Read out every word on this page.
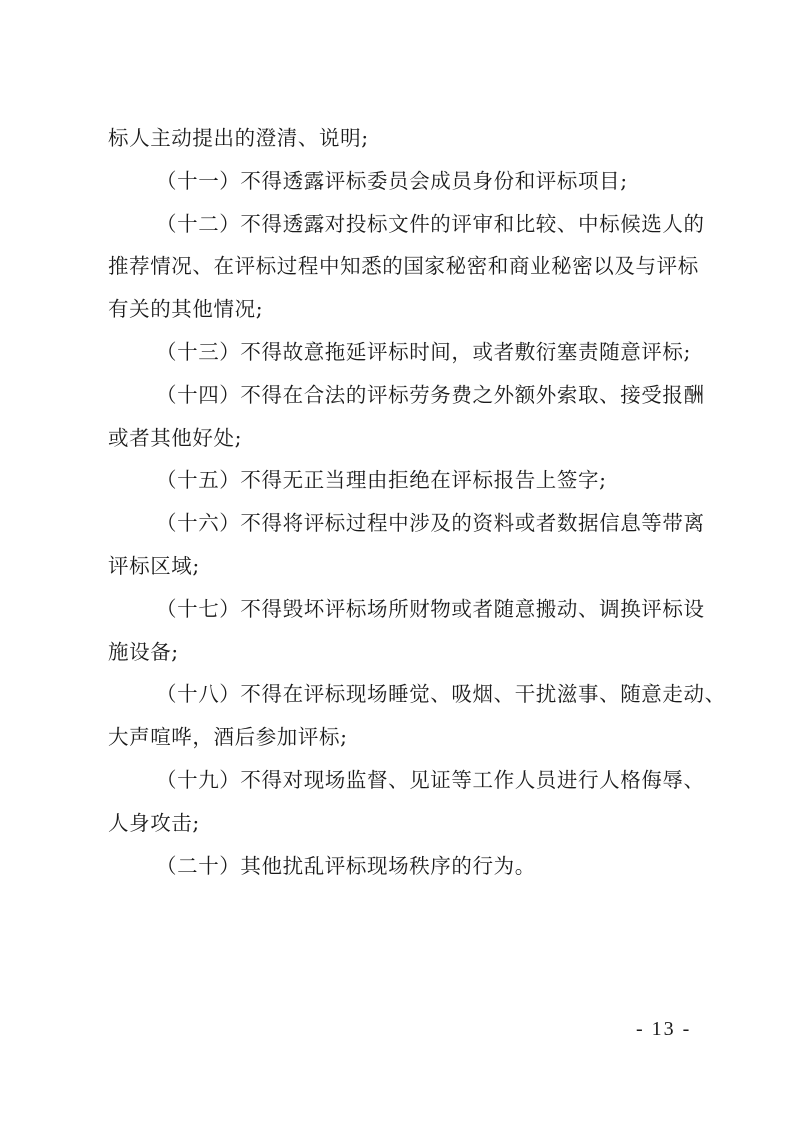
标人主动提出的澄清、说明;
（十一）不得透露评标委员会成员身份和评标项目;
（十二）不得透露对投标文件的评审和比较、中标候选人的
推荐情况、在评标过程中知悉的国家秘密和商业秘密以及与评标
有关的其他情况;
（十三）不得故意拖延评标时间，或者敷衍塞责随意评标;
（十四）不得在合法的评标劳务费之外额外索取、接受报酬
或者其他好处;
（十五）不得无正当理由拒绝在评标报告上签字;
（十六）不得将评标过程中涉及的资料或者数据信息等带离
评标区域;
（十七）不得毁坏评标场所财物或者随意搬动、调换评标设
施设备;
（十八）不得在评标现场睡觉、吸烟、干扰滋事、随意走动、
大声喧哗，酒后参加评标;
（十九）不得对现场监督、见证等工作人员进行人格侮辱、
人身攻击;
（二十）其他扰乱评标现场秩序的行为。
- 13 -
